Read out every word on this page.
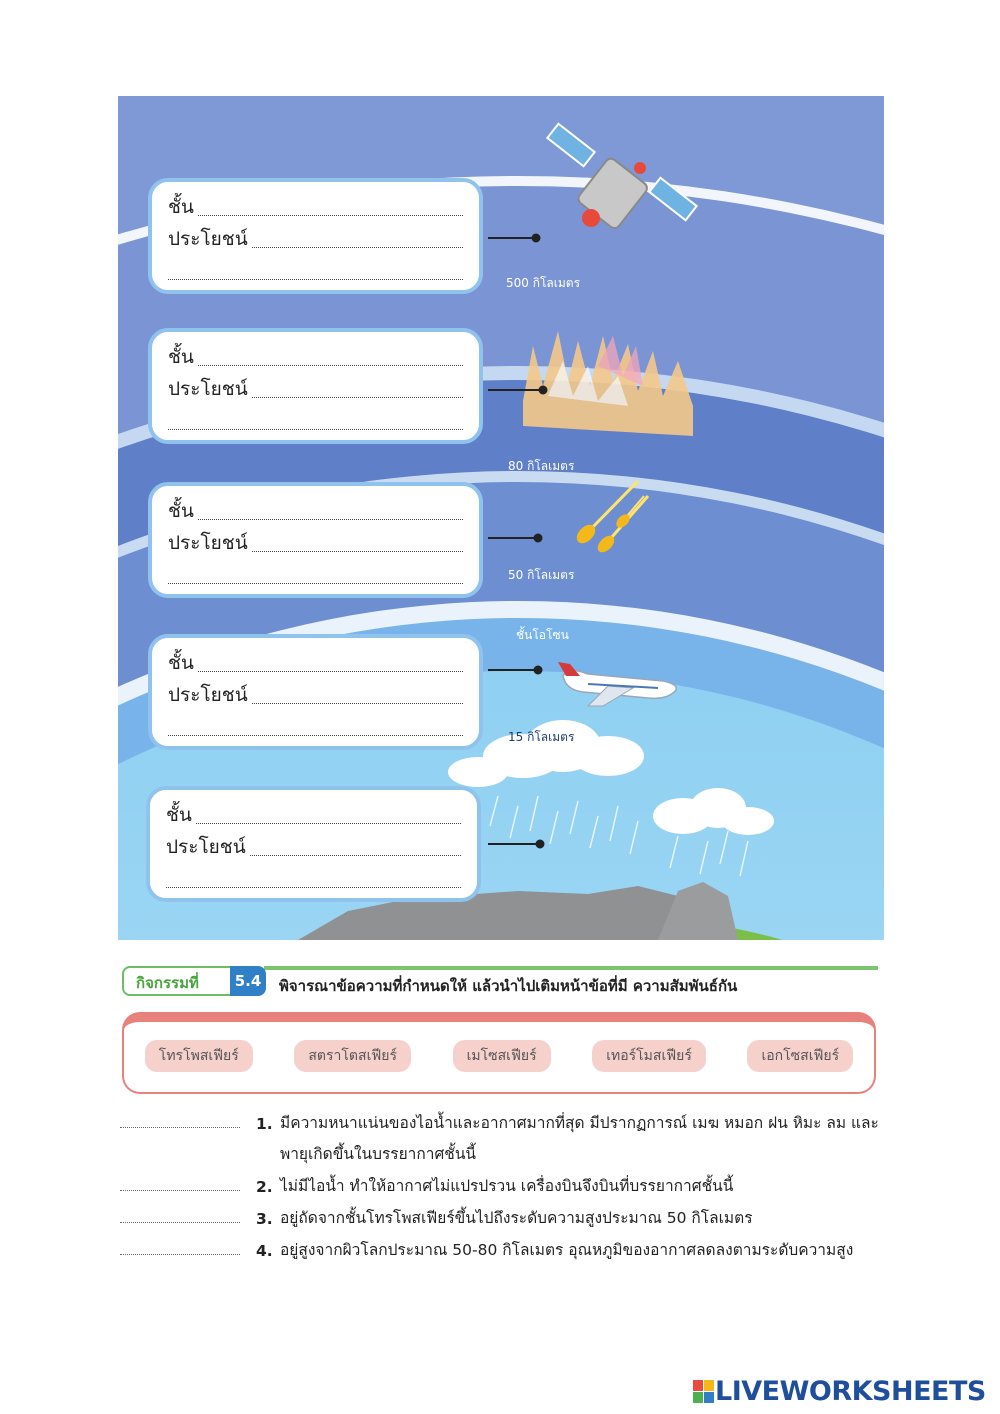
ชั้น
ประโยชน์
ชั้น
ประโยชน์
ชั้น
ประโยชน์
ชั้น
ประโยชน์
ชั้น
ประโยชน์
500 กิโลเมตร
80 กิโลเมตร
50 กิโลเมตร
ชั้นโอโซน
15 กิโลเมตร
กิจกรรมที่	5.4	พิจารณาข้อความที่กำหนดให้ แล้วนำไปเติมหน้าข้อที่มี ความสัมพันธ์กัน
โทรโพสเฟียร์	สตราโตสเฟียร์	เมโซสเฟียร์	เทอร์โมสเฟียร์	เอกโซสเฟียร์
1. มีความหนาแน่นของไอน้ำและอากาศมากที่สุด มีปรากฏการณ์ เมฆ หมอก ฝน หิมะ ลม และพายุเกิดขึ้นในบรรยากาศชั้นนี้
2. ไม่มีไอน้ำ ทำให้อากาศไม่แปรปรวน เครื่องบินจึงบินที่บรรยากาศชั้นนี้
3. อยู่ถัดจากชั้นโทรโพสเฟียร์ขึ้นไปถึงระดับความสูงประมาณ 50 กิโลเมตร
4. อยู่สูงจากผิวโลกประมาณ 50-80 กิโลเมตร อุณหภูมิของอากาศลดลงตามระดับความสูง
LIVEWORKSHEETS
